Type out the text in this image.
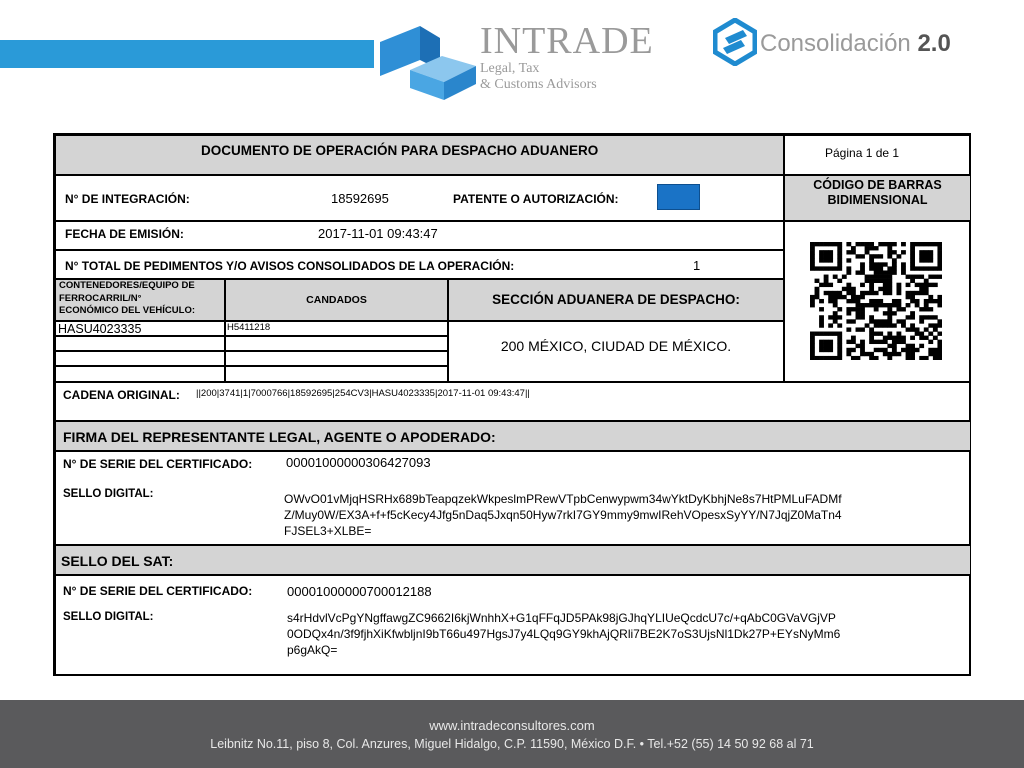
INTRADE
Legal, Tax
& Customs Advisors
Consolidación 2.0
DOCUMENTO DE OPERACIÓN PARA DESPACHO ADUANERO	Página 1 de 1
N° DE INTEGRACIÓN:	18592695	PATENTE O AUTORIZACIÓN:
CÓDIGO DE BARRAS
BIDIMENSIONAL
FECHA DE EMISIÓN:	2017-11-01 09:43:47
N° TOTAL DE PEDIMENTOS Y/O AVISOS CONSOLIDADOS DE LA OPERACIÓN:	1
CONTENEDORES/EQUIPO DE
FERROCARRIL/N°
ECONÓMICO DEL VEHÍCULO:
CANDADOS	SECCIÓN ADUANERA DE DESPACHO:
HASU4023335	H5411218
200 MÉXICO, CIUDAD DE MÉXICO.
CADENA ORIGINAL: ||200|3741|1|7000766|18592695|254CV3|HASU4023335|2017-11-01 09:43:47||
FIRMA DEL REPRESENTANTE LEGAL, AGENTE O APODERADO:
N° DE SERIE DEL CERTIFICADO:	00001000000306427093
SELLO DIGITAL:	OWvO01vMjqHSRHx689bTeapqzekWkpeslmPRewVTpbCenwypwm34wYktDyKbhjNe8s7HtPMLuFADMf
Z/Muy0W/EX3A+f+f5cKecy4Jfg5nDaq5Jxqn50Hyw7rkI7GY9mmy9mwIRehVOpesxSyYY/N7JqjZ0MaTn4
FJSEL3+XLBE=
SELLO DEL SAT:
N° DE SERIE DEL CERTIFICADO:	00001000000700012188
SELLO DIGITAL:	s4rHdvlVcPgYNgffawgZC9662I6kjWnhhX+G1qFFqJD5PAk98jGJhqYLIUeQcdcU7c/+qAbC0GVaVGjVP
0ODQx4n/3f9fjhXiKfwbljnI9bT66u497HgsJ7y4LQq9GY9khAjQRli7BE2K7oS3UjsNl1Dk27P+EYsNyMm6
p6gAkQ=
www.intradeconsultores.com
Leibnitz No.11, piso 8, Col. Anzures, Miguel Hidalgo, C.P. 11590, México D.F. • Tel.+52 (55) 14 50 92 68 al 71
